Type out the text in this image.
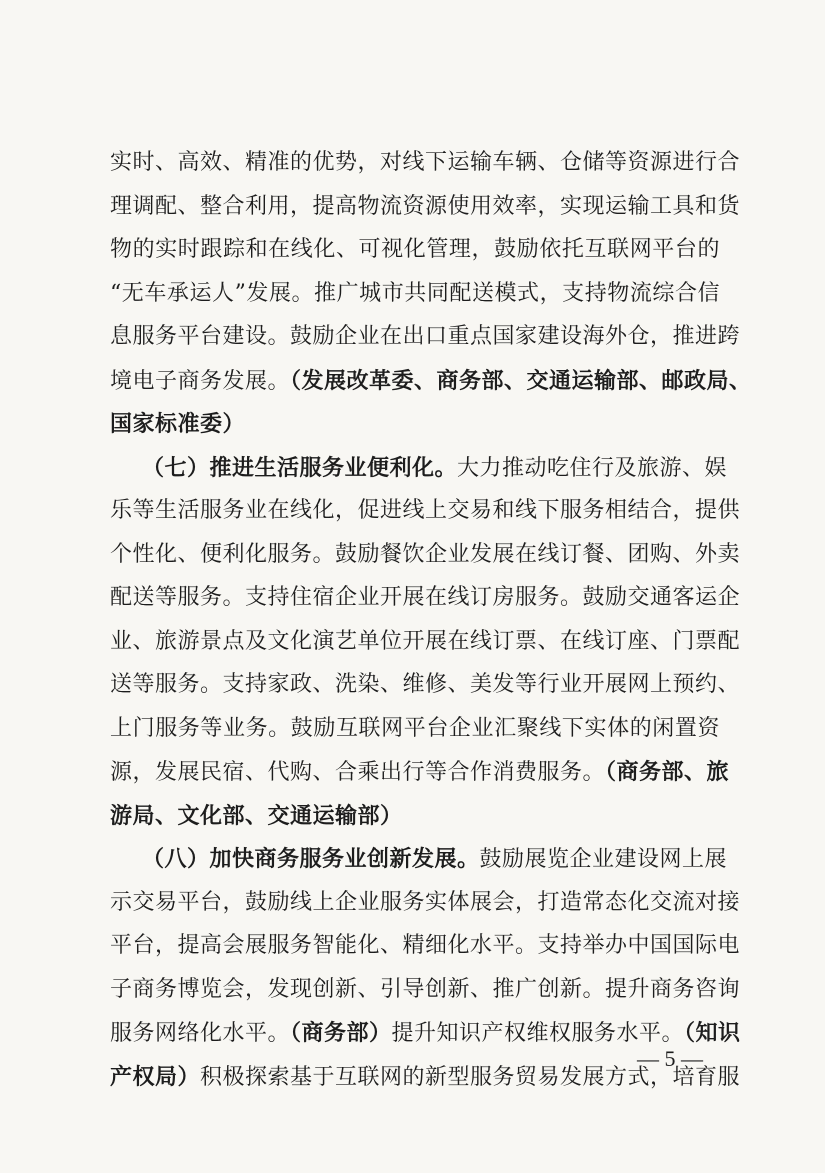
实时、高效、精准的优势，对线下运输车辆、仓储等资源进行合
理调配、整合利用，提高物流资源使用效率，实现运输工具和货
物的实时跟踪和在线化、可视化管理，鼓励依托互联网平台的
“无车承运人”发展。推广城市共同配送模式，支持物流综合信
息服务平台建设。鼓励企业在出口重点国家建设海外仓，推进跨
境电子商务发展。（发展改革委、商务部、交通运输部、邮政局、
国家标准委）
（七）推进生活服务业便利化。大力推动吃住行及旅游、娱
乐等生活服务业在线化，促进线上交易和线下服务相结合，提供
个性化、便利化服务。鼓励餐饮企业发展在线订餐、团购、外卖
配送等服务。支持住宿企业开展在线订房服务。鼓励交通客运企
业、旅游景点及文化演艺单位开展在线订票、在线订座、门票配
送等服务。支持家政、洗染、维修、美发等行业开展网上预约、
上门服务等业务。鼓励互联网平台企业汇聚线下实体的闲置资
源，发展民宿、代购、合乘出行等合作消费服务。（商务部、旅
游局、文化部、交通运输部）
（八）加快商务服务业创新发展。鼓励展览企业建设网上展
示交易平台，鼓励线上企业服务实体展会，打造常态化交流对接
平台，提高会展服务智能化、精细化水平。支持举办中国国际电
子商务博览会，发现创新、引导创新、推广创新。提升商务咨询
服务网络化水平。（商务部）提升知识产权维权服务水平。（知识
产权局）积极探索基于互联网的新型服务贸易发展方式，培育服
— 5 —
